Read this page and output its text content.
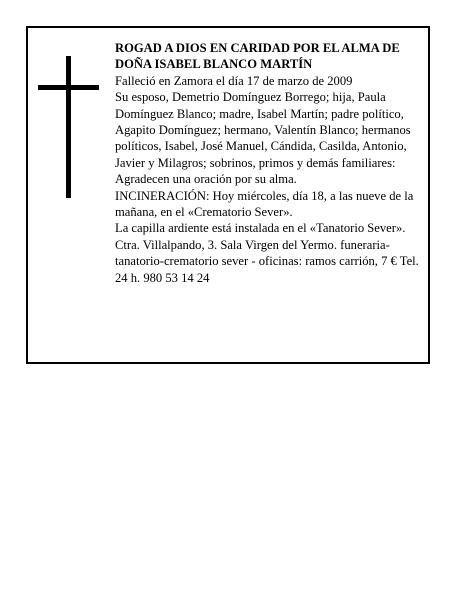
ROGAD A DIOS EN CARIDAD POR EL ALMA DE DOÑA ISABEL BLANCO MARTÍN

Falleció en Zamora el día 17 de marzo de 2009

Su esposo, Demetrio Domínguez Borrego; hija, Paula Domínguez Blanco; madre, Isabel Martín; padre político, Agapito Domínguez; hermano, Valentín Blanco; hermanos políticos, Isabel, José Manuel, Cándida, Casilda, Antonio, Javier y Milagros; sobrinos, primos y demás familiares:

Agradecen una oración por su alma.

INCINERACIÓN: Hoy miércoles, día 18, a las nueve de la mañana, en el «Crematorio Sever».

La capilla ardiente está instalada en el «Tanatorio Sever». Ctra. Villalpando, 3. Sala Virgen del Yermo. funeraria-tanatorio-crematorio sever - oficinas: ramos carrión, 7 € Tel. 24 h. 980 53 14 24
